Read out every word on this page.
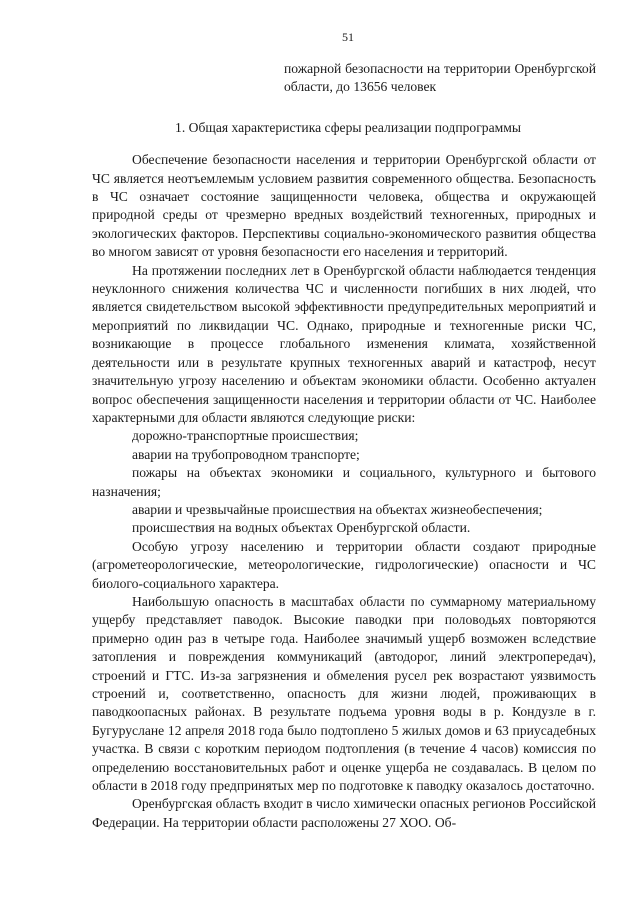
51
пожарной безопасности на территории Оренбургской области, до 13656 человек
1. Общая характеристика сферы реализации подпрограммы

Обеспечение безопасности населения и территории Оренбургской области от ЧС является неотъемлемым условием развития современного общества. Безопасность в ЧС означает состояние защищенности человека, общества и окружающей природной среды от чрезмерно вредных воздействий техногенных, природных и экологических факторов. Перспективы социально-экономического развития общества во многом зависят от уровня безопасности его населения и территорий.

На протяжении последних лет в Оренбургской области наблюдается тенденция неуклонного снижения количества ЧС и численности погибших в них людей, что является свидетельством высокой эффективности предупредительных мероприятий и мероприятий по ликвидации ЧС. Однако, природные и техногенные риски ЧС, возникающие в процессе глобального изменения климата, хозяйственной деятельности или в результате крупных техногенных аварий и катастроф, несут значительную угрозу населению и объектам экономики области. Особенно актуален вопрос обеспечения защищенности населения и территории области от ЧС. Наиболее характерными для области являются следующие риски:

дорожно-транспортные происшествия;

аварии на трубопроводном транспорте;

пожары на объектах экономики и социального, культурного и бытового назначения;

аварии и чрезвычайные происшествия на объектах жизнеобеспечения;

происшествия на водных объектах Оренбургской области.

Особую угрозу населению и территории области создают природные (агрометеорологические, метеорологические, гидрологические) опасности и ЧС биолого-социального характера.

Наибольшую опасность в масштабах области по суммарному материальному ущербу представляет паводок. Высокие паводки при половодьях повторяются примерно один раз в четыре года. Наиболее значимый ущерб возможен вследствие затопления и повреждения коммуникаций (автодорог, линий электропередач), строений и ГТС. Из-за загрязнения и обмеления русел рек возрастают уязвимость строений и, соответственно, опасность для жизни людей, проживающих в паводкоопасных районах. В результате подъема уровня воды в р. Кондузле в г. Бугуруслане 12 апреля 2018 года было подтоплено 5 жилых домов и 63 приусадебных участка. В связи с коротким периодом подтопления (в течение 4 часов) комиссия по определению восстановительных работ и оценке ущерба не создавалась. В целом по области в 2018 году предпринятых мер по подготовке к паводку оказалось достаточно.

Оренбургская область входит в число химически опасных регионов Российской Федерации. На территории области расположены 27 ХОО. Об-
